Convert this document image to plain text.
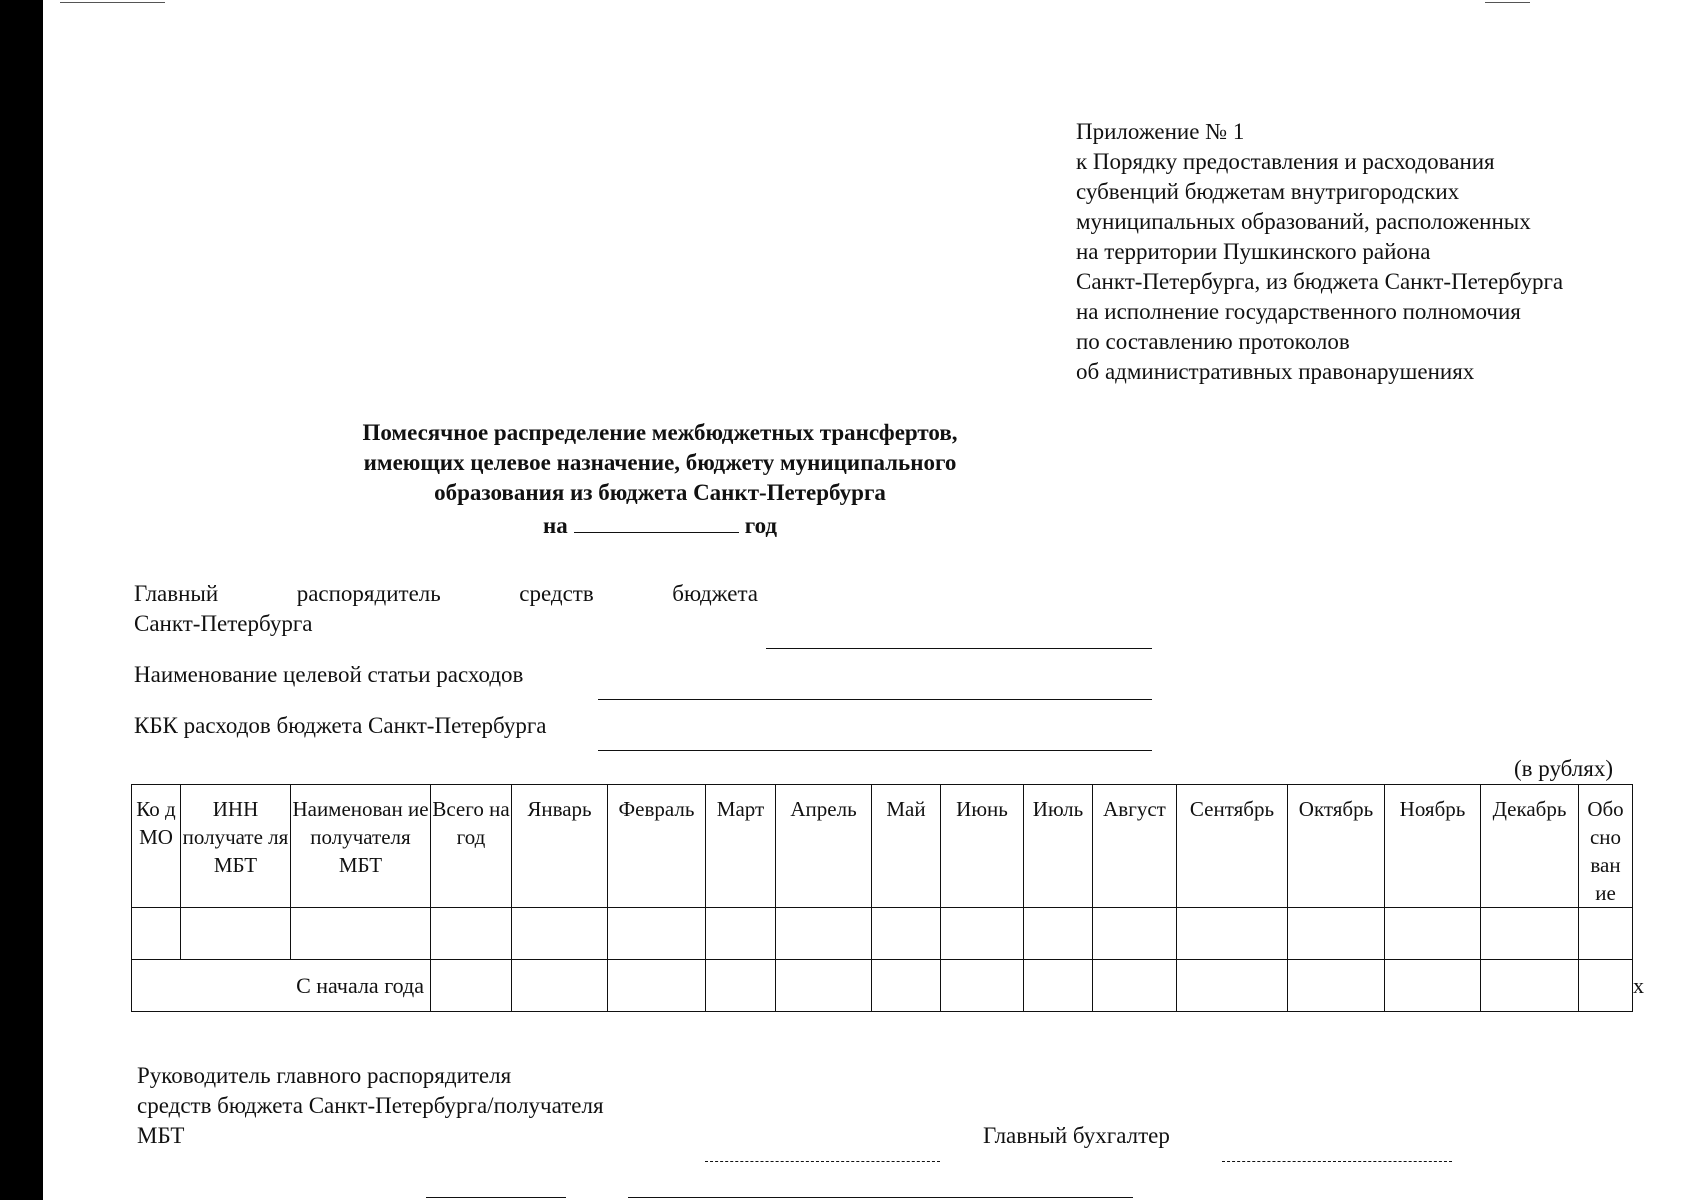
Приложение № 1
к Порядку предоставления и расходования
субвенций бюджетам внутригородских
муниципальных образований, расположенных
на территории Пушкинского района
Санкт-Петербурга, из бюджета Санкт-Петербурга
на исполнение государственного полномочия
по составлению протоколов
об административных правонарушениях
Помесячное распределение межбюджетных трансфертов,
имеющих целевое назначение, бюджету муниципального
образования из бюджета Санкт-Петербурга
на	год
Главный распорядитель средств бюджета
Санкт-Петербурга
Наименование целевой статьи расходов
КБК расходов бюджета Санкт-Петербурга
(в рублях)
Ко д МО	ИНН получате ля МБТ	Наименован ие получателя МБТ	Всего на год	Январь	Февраль	Март	Апрель	Май	Июнь	Июль	Август	Сентябрь	Октябрь	Ноябрь	Декабрь	Обо сно ван ие	

С начала года																	х
Руководитель главного распорядителя
средств бюджета Санкт-Петербурга/получателя
МБТ	Главный бухгалтер
